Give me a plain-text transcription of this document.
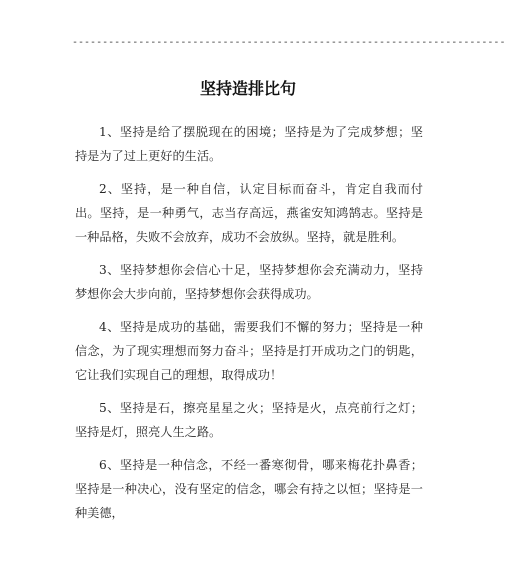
------------------------------------------------------------------------
坚持造排比句

1、坚持是给了摆脱现在的困境；坚持是为了完成梦想；坚持是为了过上更好的生活。

2、坚持，是一种自信，认定目标而奋斗，肯定自我而付出。坚持，是一种勇气，志当存高远，燕雀安知鸿鹄志。坚持是一种品格，失败不会放弃，成功不会放纵。坚持，就是胜利。

3、坚持梦想你会信心十足，坚持梦想你会充满动力，坚持梦想你会大步向前，坚持梦想你会获得成功。

4、坚持是成功的基础，需要我们不懈的努力；坚持是一种信念，为了现实理想而努力奋斗；坚持是打开成功之门的钥匙，它让我们实现自己的理想，取得成功！

5、坚持是石，擦亮星星之火；坚持是火，点亮前行之灯；坚持是灯，照亮人生之路。

6、坚持是一种信念，不经一番寒彻骨，哪来梅花扑鼻香；坚持是一种决心，没有坚定的信念，哪会有持之以恒；坚持是一种美德，
